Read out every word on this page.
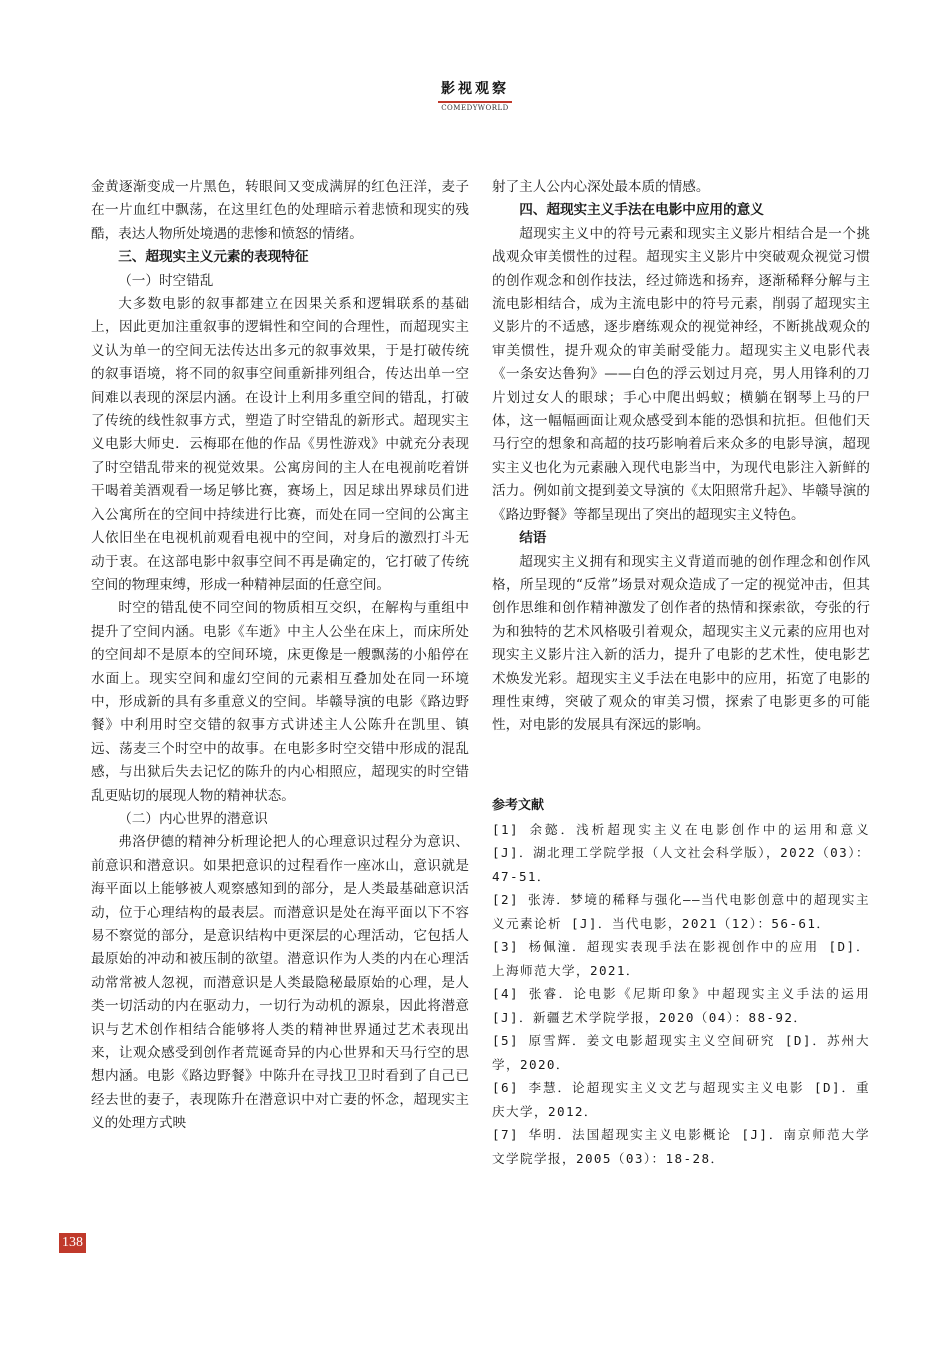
影视观察
COMEDYWORLD

金黄逐渐变成一片黑色，转眼间又变成满屏的红色汪洋，麦子在一片血红中飘荡，在这里红色的处理暗示着悲愤和现实的残酷，表达人物所处境遇的悲惨和愤怒的情绪。

三、超现实主义元素的表现特征
（一）时空错乱

大多数电影的叙事都建立在因果关系和逻辑联系的基础上，因此更加注重叙事的逻辑性和空间的合理性，而超现实主义认为单一的空间无法传达出多元的叙事效果，于是打破传统的叙事语境，将不同的叙事空间重新排列组合，传达出单一空间难以表现的深层内涵。在设计上利用多重空间的错乱，打破了传统的线性叙事方式，塑造了时空错乱的新形式。超现实主义电影大师史．云梅耶在他的作品《男性游戏》中就充分表现了时空错乱带来的视觉效果。公寓房间的主人在电视前吃着饼干喝着美酒观看一场足够比赛，赛场上，因足球出界球员们进入公寓所在的空间中持续进行比赛，而处在同一空间的公寓主人依旧坐在电视机前观看电视中的空间，对身后的激烈打斗无动于衷。在这部电影中叙事空间不再是确定的，它打破了传统空间的物理束缚，形成一种精神层面的任意空间。

时空的错乱使不同空间的物质相互交织，在解构与重组中提升了空间内涵。电影《车逝》中主人公坐在床上，而床所处的空间却不是原本的空间环境，床更像是一艘飘荡的小船停在水面上。现实空间和虚幻空间的元素相互叠加处在同一环境中，形成新的具有多重意义的空间。毕赣导演的电影《路边野餐》中利用时空交错的叙事方式讲述主人公陈升在凯里、镇远、荡麦三个时空中的故事。在电影多时空交错中形成的混乱感，与出狱后失去记忆的陈升的内心相照应，超现实的时空错乱更贴切的展现人物的精神状态。

（二）内心世界的潜意识

弗洛伊德的精神分析理论把人的心理意识过程分为意识、前意识和潜意识。如果把意识的过程看作一座冰山，意识就是海平面以上能够被人观察感知到的部分，是人类最基础意识活动，位于心理结构的最表层。而潜意识是处在海平面以下不容易不察觉的部分，是意识结构中更深层的心理活动，它包括人最原始的冲动和被压制的欲望。潜意识作为人类的内在心理活动常常被人忽视，而潜意识是人类最隐秘最原始的心理，是人类一切活动的内在驱动力，一切行为动机的源泉，因此将潜意识与艺术创作相结合能够将人类的精神世界通过艺术表现出来，让观众感受到创作者荒诞奇异的内心世界和天马行空的思想内涵。电影《路边野餐》中陈升在寻找卫卫时看到了自己已经去世的妻子，表现陈升在潜意识中对亡妻的怀念，超现实主义的处理方式映

射了主人公内心深处最本质的情感。

四、超现实主义手法在电影中应用的意义

超现实主义中的符号元素和现实主义影片相结合是一个挑战观众审美惯性的过程。超现实主义影片中突破观众视觉习惯的创作观念和创作技法，经过筛选和扬弃，逐渐稀释分解与主流电影相结合，成为主流电影中的符号元素，削弱了超现实主义影片的不适感，逐步磨练观众的视觉神经，不断挑战观众的审美惯性，提升观众的审美耐受能力。超现实主义电影代表《一条安达鲁狗》——白色的浮云划过月亮，男人用锋利的刀片划过女人的眼球；手心中爬出蚂蚁；横躺在钢琴上马的尸体，这一幅幅画面让观众感受到本能的恐惧和抗拒。但他们天马行空的想象和高超的技巧影响着后来众多的电影导演，超现实主义也化为元素融入现代电影当中，为现代电影注入新鲜的活力。例如前文提到姜文导演的《太阳照常升起》、毕赣导演的《路边野餐》等都呈现出了突出的超现实主义特色。

结语

超现实主义拥有和现实主义背道而驰的创作理念和创作风格，所呈现的“反常”场景对观众造成了一定的视觉冲击，但其创作思维和创作精神激发了创作者的热情和探索欲，夸张的行为和独特的艺术风格吸引着观众，超现实主义元素的应用也对现实主义影片注入新的活力，提升了电影的艺术性，使电影艺术焕发光彩。超现实主义手法在电影中的应用，拓宽了电影的理性束缚，突破了观众的审美习惯，探索了电影更多的可能性，对电影的发展具有深远的影响。

参考文献
[1] 余懿．浅析超现实主义在电影创作中的运用和意义 [J]．湖北理工学院学报（人文社会科学版），2022（03）：47-51．
[2] 张涛．梦境的稀释与强化——当代电影创意中的超现实主义元素论析 [J]．当代电影，2021（12）：56-61．
[3] 杨佩潼．超现实表现手法在影视创作中的应用 [D]．上海师范大学，2021．
[4] 张睿．论电影《尼斯印象》中超现实主义手法的运用 [J]．新疆艺术学院学报，2020（04）：88-92．
[5] 原雪辉．姜文电影超现实主义空间研究 [D]．苏州大学，2020．
[6] 李慧．论超现实主义文艺与超现实主义电影 [D]．重庆大学，2012．
[7] 华明．法国超现实主义电影概论 [J]．南京师范大学文学院学报，2005（03）：18-28．
138
